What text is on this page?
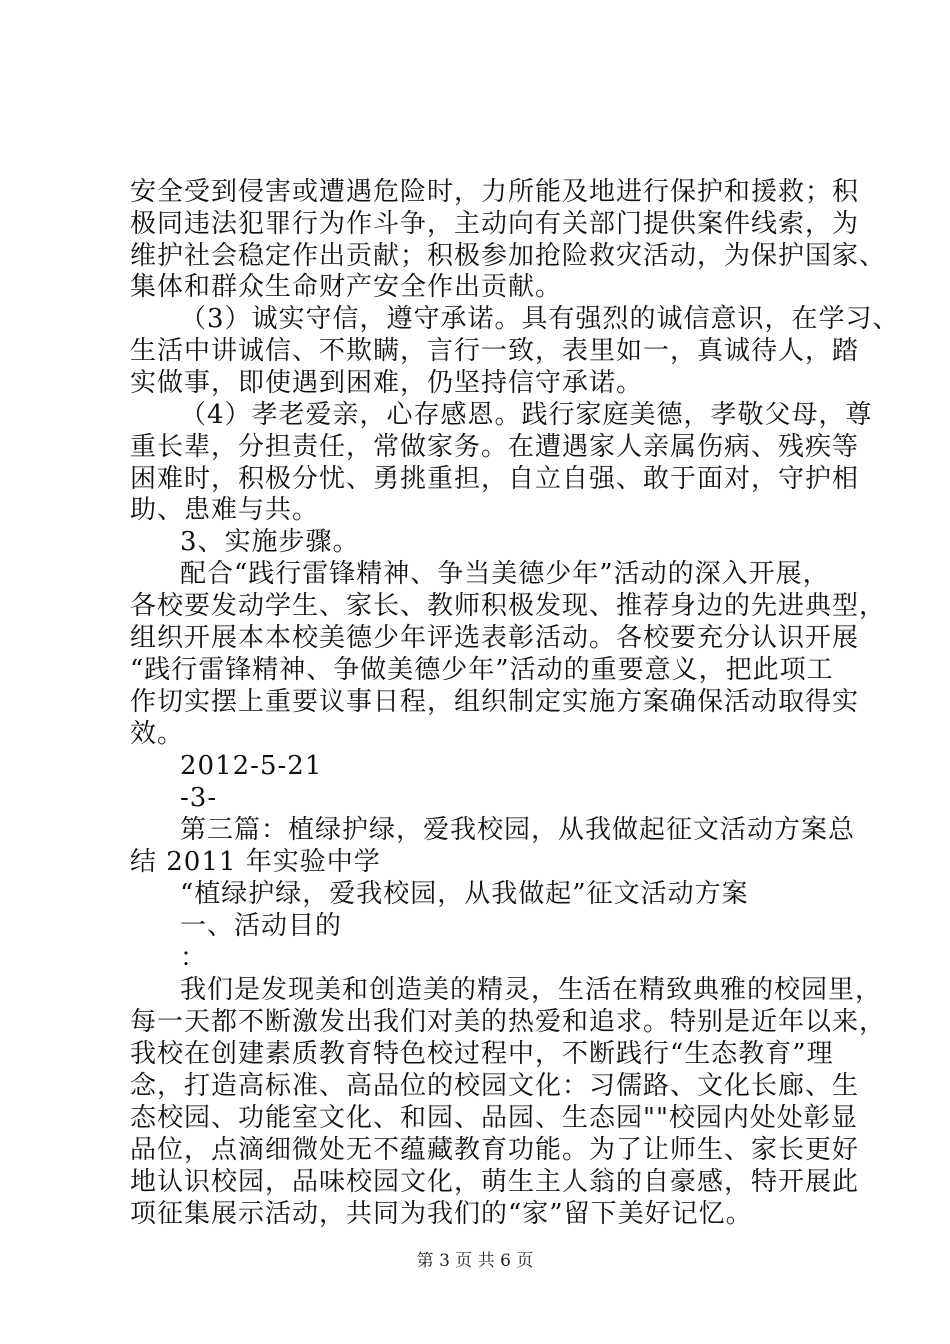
安全受到侵害或遭遇危险时，力所能及地进行保护和援救；积
极同违法犯罪行为作斗争，主动向有关部门提供案件线索，为
维护社会稳定作出贡献；积极参加抢险救灾活动，为保护国家、
集体和群众生命财产安全作出贡献。
（3）诚实守信，遵守承诺。具有强烈的诚信意识，在学习、
生活中讲诚信、不欺瞒，言行一致，表里如一，真诚待人，踏
实做事，即使遇到困难，仍坚持信守承诺。
（4）孝老爱亲，心存感恩。践行家庭美德，孝敬父母，尊
重长辈，分担责任，常做家务。在遭遇家人亲属伤病、残疾等
困难时，积极分忧、勇挑重担，自立自强、敢于面对，守护相
助、患难与共。
3、实施步骤。
配合“践行雷锋精神、争当美德少年”活动的深入开展，
各校要发动学生、家长、教师积极发现、推荐身边的先进典型，
组织开展本本校美德少年评选表彰活动。各校要充分认识开展
“践行雷锋精神、争做美德少年”活动的重要意义，把此项工
作切实摆上重要议事日程，组织制定实施方案确保活动取得实
效。
2012-5-21
-3-
第三篇：植绿护绿，爱我校园，从我做起征文活动方案总
结 2011 年实验中学
“植绿护绿，爱我校园，从我做起”征文活动方案
一、活动目的
：
我们是发现美和创造美的精灵，生活在精致典雅的校园里，
每一天都不断激发出我们对美的热爱和追求。特别是近年以来，
我校在创建素质教育特色校过程中，不断践行“生态教育”理
念，打造高标准、高品位的校园文化：习儒路、文化长廊、生
态校园、功能室文化、和园、品园、生态园""校园内处处彰显
品位，点滴细微处无不蕴藏教育功能。为了让师生、家长更好
地认识校园，品味校园文化，萌生主人翁的自豪感，特开展此
项征集展示活动，共同为我们的“家”留下美好记忆。
第 3 页 共 6 页
